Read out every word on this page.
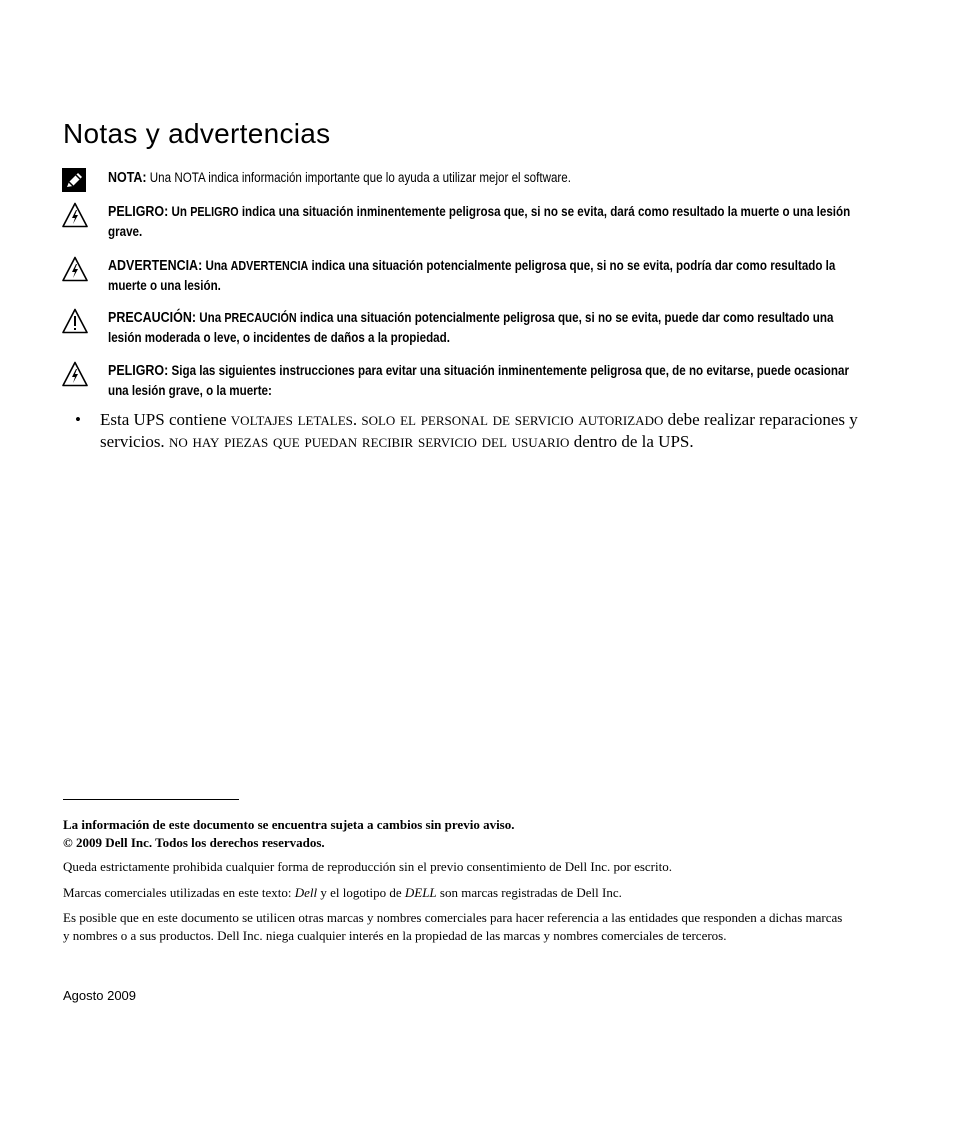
Notas y advertencias
NOTA: Una NOTA indica información importante que lo ayuda a utilizar mejor el software.
PELIGRO: Un PELIGRO indica una situación inminentemente peligrosa que, si no se evita, dará como resultado la muerte o una lesión grave.
ADVERTENCIA: Una ADVERTENCIA indica una situación potencialmente peligrosa que, si no se evita, podría dar como resultado la muerte o una lesión.
PRECAUCIÓN: Una PRECAUCIÓN indica una situación potencialmente peligrosa que, si no se evita, puede dar como resultado una lesión moderada o leve, o incidentes de daños a la propiedad.
PELIGRO: Siga las siguientes instrucciones para evitar una situación inminentemente peligrosa que, de no evitarse, puede ocasionar una lesión grave, o la muerte:
• Esta UPS contiene voltajes letales. solo el personal de servicio autorizado debe realizar reparaciones y servicios. no hay piezas que puedan recibir servicio del usuario dentro de la UPS.

La información de este documento se encuentra sujeta a cambios sin previo aviso.
© 2009 Dell Inc. Todos los derechos reservados.

Queda estrictamente prohibida cualquier forma de reproducción sin el previo consentimiento de Dell Inc. por escrito.

Marcas comerciales utilizadas en este texto: Dell y el logotipo de DELL son marcas registradas de Dell Inc.

Es posible que en este documento se utilicen otras marcas y nombres comerciales para hacer referencia a las entidades que responden a dichas marcas y nombres o a sus productos. Dell Inc. niega cualquier interés en la propiedad de las marcas y nombres comerciales de terceros.

Agosto 2009
